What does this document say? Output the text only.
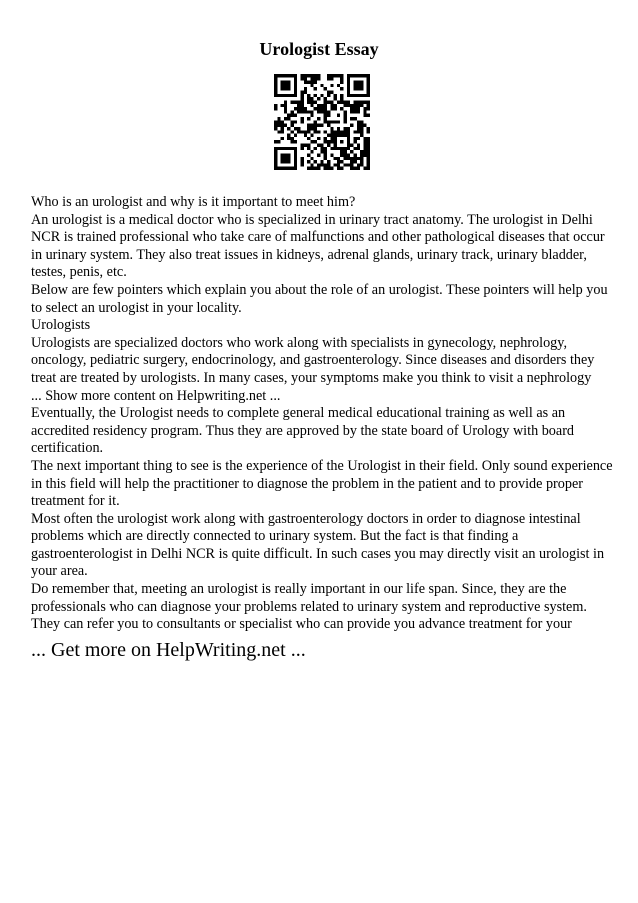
Urologist Essay

Who is an urologist and why is it important to meet him?

An urologist is a medical doctor who is specialized in urinary tract anatomy. The urologist in Delhi NCR is trained professional who take care of malfunctions and other pathological diseases that occur in urinary system. They also treat issues in kidneys, adrenal glands, urinary track, urinary bladder, testes, penis, etc.

Below are few pointers which explain you about the role of an urologist. These pointers will help you to select an urologist in your locality.

Urologists

Urologists are specialized doctors who work along with specialists in gynecology, nephrology, oncology, pediatric surgery, endocrinology, and gastroenterology. Since diseases and disorders they treat are treated by urologists. In many cases, your symptoms make you think to visit a nephrology

... Show more content on Helpwriting.net ...

Eventually, the Urologist needs to complete general medical educational training as well as an accredited residency program. Thus they are approved by the state board of Urology with board certification.

The next important thing to see is the experience of the Urologist in their field. Only sound experience in this field will help the practitioner to diagnose the problem in the patient and to provide proper treatment for it.

Most often the urologist work along with gastroenterology doctors in order to diagnose intestinal problems which are directly connected to urinary system. But the fact is that finding a gastroenterologist in Delhi NCR is quite difficult. In such cases you may directly visit an urologist in your area.

Do remember that, meeting an urologist is really important in our life span. Since, they are the professionals who can diagnose your problems related to urinary system and reproductive system. They can refer you to consultants or specialist who can provide you advance treatment for your

... Get more on HelpWriting.net ...
